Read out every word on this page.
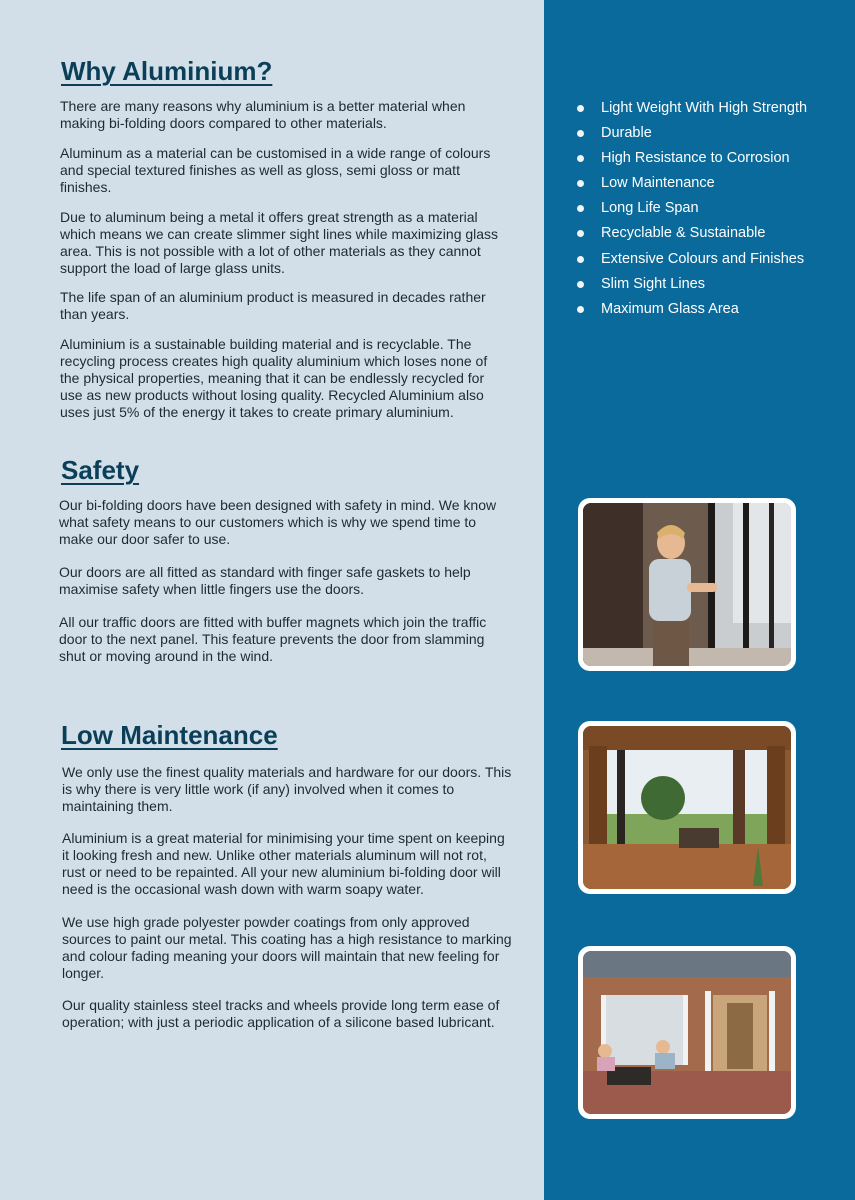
Why Aluminium?

There are many reasons why aluminium is a better material when making bi-folding doors compared to other materials.

Aluminum as a material can be customised in a wide range of colours and special textured finishes as well as gloss, semi gloss or matt finishes.

Due to aluminum being a metal it offers great strength as a material which means we can create slimmer sight lines while maximizing glass area. This is not possible with a lot of other materials as they cannot support the load of large glass units.

The life span of an aluminium product is measured in decades rather than years.

Aluminium is a sustainable building material and is recyclable. The recycling process creates high quality aluminium which loses none of the physical properties, meaning that it can be endlessly recycled for use as new products without losing quality. Recycled Aluminium also uses just 5% of the energy it takes to create primary aluminium.

Safety

Our bi-folding doors have been designed with safety in mind. We know what safety means to our customers which is why we spend time to make our door safer to use.

Our doors are all fitted as standard with finger safe gaskets to help maximise safety when little fingers use the doors.

All our traffic doors are fitted with buffer magnets which join the traffic door to the next panel. This feature prevents the door from slamming shut or moving around in the wind.

Low Maintenance

We only use the finest quality materials and hardware for our doors. This is why there is very little work (if any) involved when it comes to maintaining them.

Aluminium is a great material for minimising your time spent on keeping it looking fresh and new. Unlike other materials aluminum will not rot, rust or need to be repainted. All your new aluminium bi-folding door will need is the occasional wash down with warm soapy water.

We use high grade polyester powder coatings from only approved sources to paint our metal. This coating has a high resistance to marking and colour fading meaning your doors will maintain that new feeling for longer.

Our quality stainless steel tracks and wheels provide long term ease of operation; with just a periodic application of a silicone based lubricant.

Light Weight With High Strength
Durable
High Resistance to Corrosion
Low Maintenance
Long Life Span
Recyclable & Sustainable
Extensive Colours and Finishes
Slim Sight Lines
Maximum Glass Area
